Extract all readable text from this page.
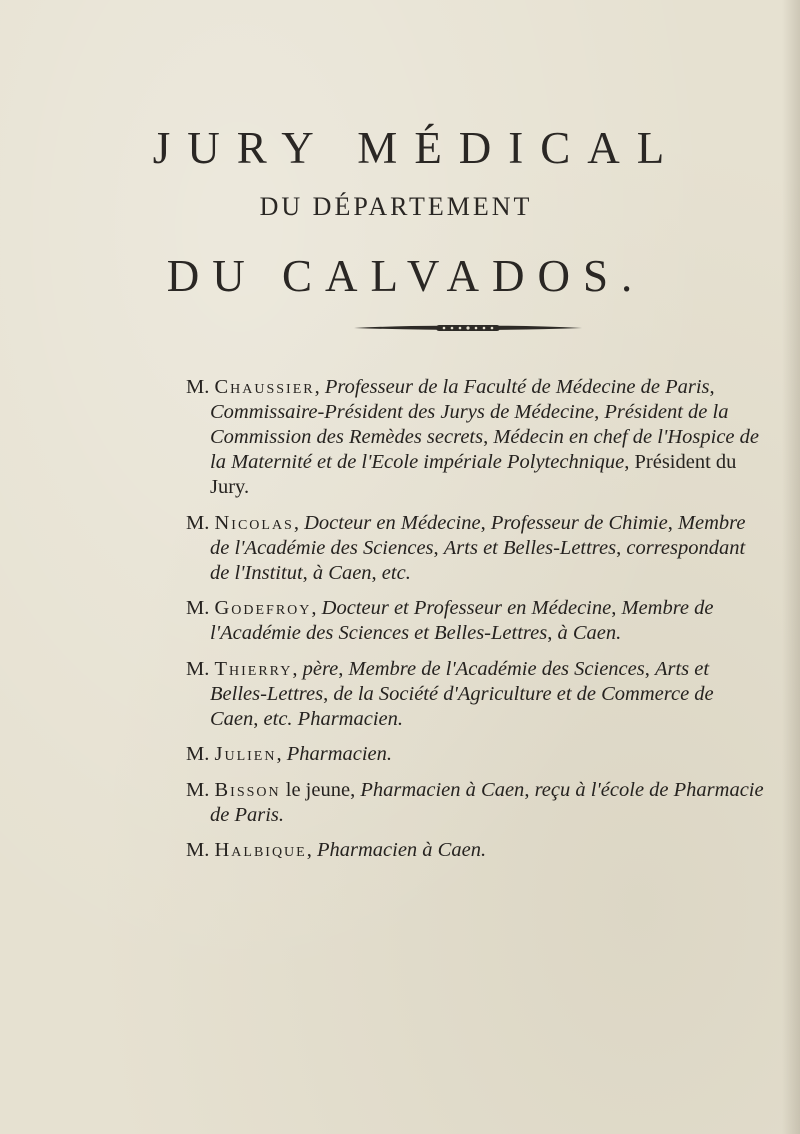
JURY MÉDICAL
DU DÉPARTEMENT
DU CALVADOS.

M. Chaussier, Professeur de la Faculté de Médecine de Paris, Commissaire-Président des Jurys de Médecine, Président de la Commission des Remèdes secrets, Médecin en chef de l'Hospice de la Maternité et de l'Ecole impériale Polytechnique, Président du Jury.

M. Nicolas, Docteur en Médecine, Professeur de Chimie, Membre de l'Académie des Sciences, Arts et Belles-Lettres, correspondant de l'Institut, à Caen, etc.

M. Godefroy, Docteur et Professeur en Médecine, Membre de l'Académie des Sciences et Belles-Lettres, à Caen.

M. Thierry, père, Membre de l'Académie des Sciences, Arts et Belles-Lettres, de la Société d'Agriculture et de Commerce de Caen, etc. Pharmacien.

M. Julien, Pharmacien.

M. Bisson le jeune, Pharmacien à Caen, reçu à l'école de Pharmacie de Paris.

M. Halbique, Pharmacien à Caen.
